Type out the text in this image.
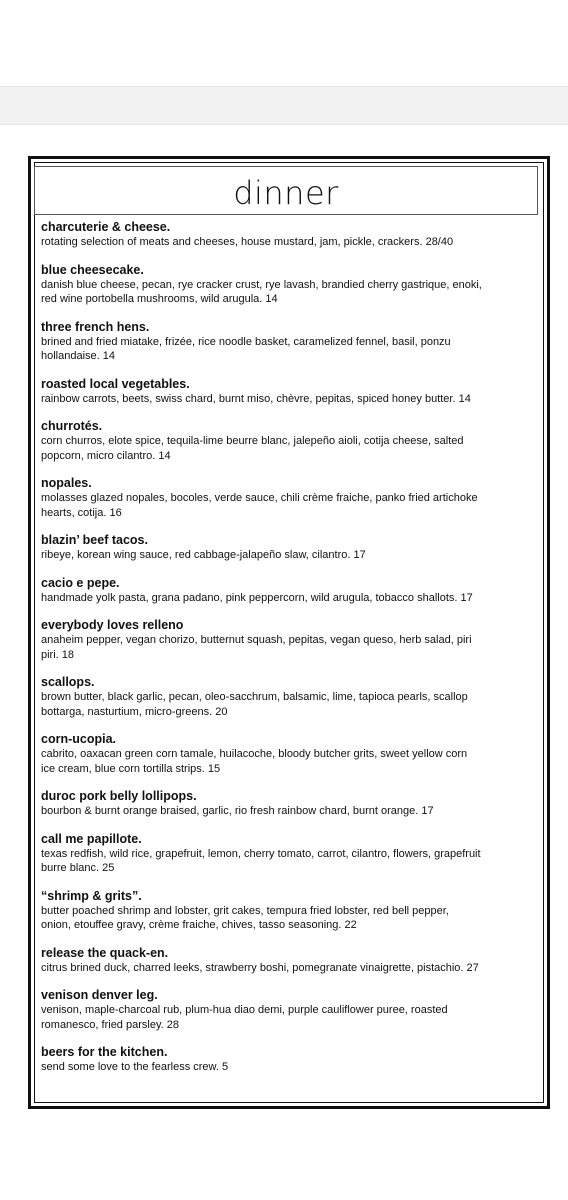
dinner
charcuterie & cheese.
rotating selection of meats and cheeses, house mustard, jam, pickle, crackers. 28/40
blue cheesecake.
danish blue cheese, pecan, rye cracker crust, rye lavash, brandied cherry gastrique, enoki,
red wine portobella mushrooms, wild arugula. 14
three french hens.
brined and fried miatake, frizée, rice noodle basket, caramelized fennel, basil, ponzu
hollandaise. 14
roasted local vegetables.
rainbow carrots, beets, swiss chard, burnt miso, chèvre, pepitas, spiced honey butter. 14
churrotés.
corn churros, elote spice, tequila-lime beurre blanc, jalepeño aioli, cotija cheese, salted
popcorn, micro cilantro. 14
nopales.
molasses glazed nopales, bocoles, verde sauce, chili crème fraiche, panko fried artichoke
hearts, cotija. 16
blazin’ beef tacos.
ribeye, korean wing sauce, red cabbage-jalapeño slaw, cilantro. 17
cacio e pepe.
handmade yolk pasta, grana padano, pink peppercorn, wild arugula, tobacco shallots. 17
everybody loves relleno
anaheim pepper, vegan chorizo, butternut squash, pepitas, vegan queso, herb salad, piri
piri. 18
scallops.
brown butter, black garlic, pecan, oleo-sacchrum, balsamic, lime, tapioca pearls, scallop
bottarga, nasturtium, micro-greens. 20
corn-ucopia.
cabrito, oaxacan green corn tamale, huilacoche, bloody butcher grits, sweet yellow corn
ice cream, blue corn tortilla strips. 15
duroc pork belly lollipops.
bourbon & burnt orange braised, garlic, rio fresh rainbow chard, burnt orange. 17
call me papillote.
texas redfish, wild rice, grapefruit, lemon, cherry tomato, carrot, cilantro, flowers, grapefruit
burre blanc. 25
“shrimp & grits”.
butter poached shrimp and lobster, grit cakes, tempura fried lobster, red bell pepper,
onion, etouffee gravy, crème fraiche, chives, tasso seasoning. 22
release the quack-en.
citrus brined duck, charred leeks, strawberry boshi, pomegranate vinaigrette, pistachio. 27
venison denver leg.
venison, maple-charcoal rub, plum-hua diao demi, purple cauliflower puree, roasted
romanesco, fried parsley. 28
beers for the kitchen.
send some love to the fearless crew. 5
